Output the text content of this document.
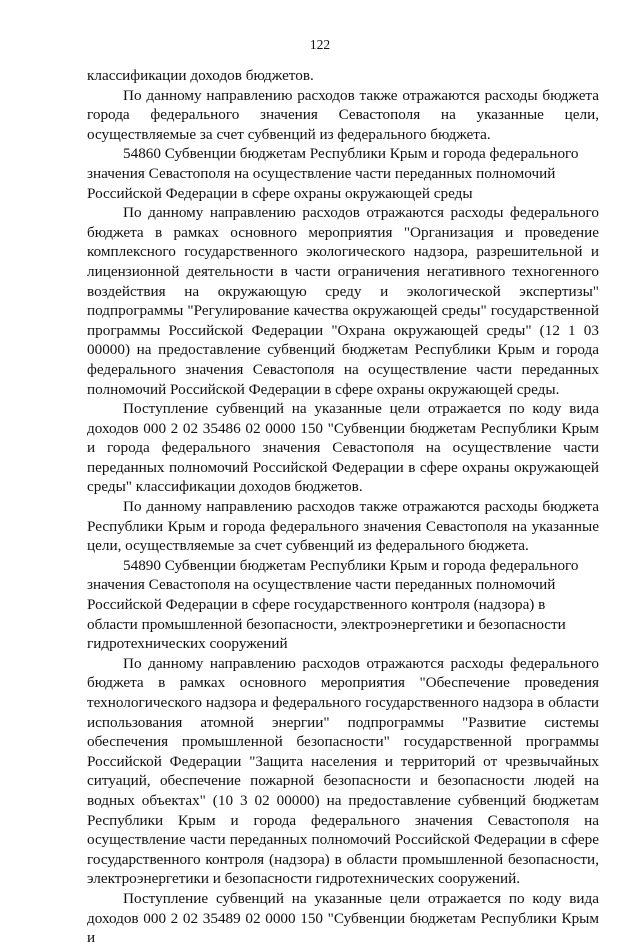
122

классификации доходов бюджетов.

По данному направлению расходов также отражаются расходы бюджета города федерального значения Севастополя на указанные цели, осуществляемые за счет субвенций из федерального бюджета.

54860 Субвенции бюджетам Республики Крым и города федерального значения Севастополя на осуществление части переданных полномочий Российской Федерации в сфере охраны окружающей среды

По данному направлению расходов отражаются расходы федерального бюджета в рамках основного мероприятия "Организация и проведение комплексного государственного экологического надзора, разрешительной и лицензионной деятельности в части ограничения негативного техногенного воздействия на окружающую среду и экологической экспертизы" подпрограммы "Регулирование качества окружающей среды" государственной программы Российской Федерации "Охрана окружающей среды" (12 1 03 00000) на предоставление субвенций бюджетам Республики Крым и города федерального значения Севастополя на осуществление части переданных полномочий Российской Федерации в сфере охраны окружающей среды.

Поступление субвенций на указанные цели отражается по коду вида доходов 000 2 02 35486 02 0000 150 "Субвенции бюджетам Республики Крым и города федерального значения Севастополя на осуществление части переданных полномочий Российской Федерации в сфере охраны окружающей среды" классификации доходов бюджетов.

По данному направлению расходов также отражаются расходы бюджета Республики Крым и города федерального значения Севастополя на указанные цели, осуществляемые за счет субвенций из федерального бюджета.

54890 Субвенции бюджетам Республики Крым и города федерального значения Севастополя на осуществление части переданных полномочий Российской Федерации в сфере государственного контроля (надзора) в области промышленной безопасности, электроэнергетики и безопасности гидротехнических сооружений

По данному направлению расходов отражаются расходы федерального бюджета в рамках основного мероприятия "Обеспечение проведения технологического надзора и федерального государственного надзора в области использования атомной энергии" подпрограммы "Развитие системы обеспечения промышленной безопасности" государственной программы Российской Федерации "Защита населения и территорий от чрезвычайных ситуаций, обеспечение пожарной безопасности и безопасности людей на водных объектах" (10 3 02 00000) на предоставление субвенций бюджетам Республики Крым и города федерального значения Севастополя на осуществление части переданных полномочий Российской Федерации в сфере государственного контроля (надзора) в области промышленной безопасности, электроэнергетики и безопасности гидротехнических сооружений.

Поступление субвенций на указанные цели отражается по коду вида доходов 000 2 02 35489 02 0000 150 "Субвенции бюджетам Республики Крым и
